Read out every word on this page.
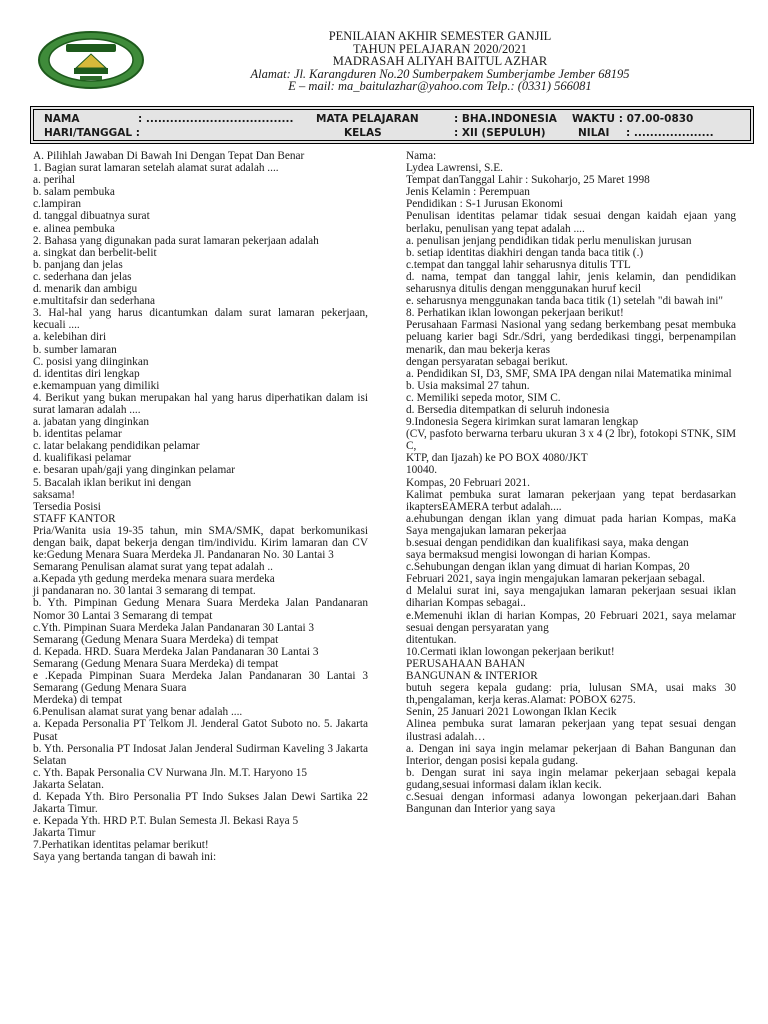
PENILAIAN AKHIR SEMESTER GANJIL
TAHUN PELAJARAN 2020/2021
MADRASAH ALIYAH BAITUL AZHAR
Alamat: Jl. Karangduren No.20 Sumberpakem Sumberjambe Jember 68195
E – mail: ma_baitulazhar@yahoo.com Telp.: (0331) 566081
NAMA	: ..................................... MATA PELAJARAN	: BHA.INDONESIA WAKTU : 07.00-0830
HARI/TANGGAL :	KELAS	: XII (SEPULUH)	NILAI : ....................
A. Pilihlah Jawaban Di Bawah Ini Dengan Tepat Dan Benar
1. Bagian surat lamaran setelah alamat surat adalah ....
a. perihal
b. salam pembuka
c.lampiran
d. tanggal dibuatnya surat
e. alinea pembuka
2. Bahasa yang digunakan pada surat lamaran pekerjaan adalah
a. singkat dan berbelit-belit
b. panjang dan jelas
c. sederhana dan jelas
d. menarik dan ambigu
e.multitafsir dan sederhana
3. Hal-hal yang harus dicantumkan dalam surat lamaran pekerjaan, kecuali ....
a. kelebihan diri
b. sumber lamaran
C. posisi yang diinginkan
d. identitas diri lengkap
e.kemampuan yang dimiliki
4. Berikut yang bukan merupakan hal yang harus diperhatikan dalam isi surat lamaran adalah ....
a. jabatan yang dinginkan
b. identitas pelamar
c. latar belakang pendidikan pelamar
d. kualifikasi pelamar
e. besaran upah/gaji yang dinginkan pelamar
5. Bacalah iklan berikut ini dengan
saksama!
Tersedia Posisi
STAFF KANTOR
Pria/Wanita usia 19-35 tahun, min SMA/SMK, dapat berkomunikasi dengan baik, dapat bekerja dengan tim/individu. Kirim lamaran dan CV ke:Gedung Menara Suara Merdeka Jl. Pandanaran No. 30 Lantai 3
Semarang Penulisan alamat surat yang tepat adalah ..
a.Kepada yth gedung merdeka menara suara merdeka
ji pandanaran no. 30 lantai 3 semarang di tempat.
b. Yth. Pimpinan Gedung Menara Suara Merdeka Jalan Pandanaran Nomor 30 Lantai 3 Semarang di tempat
c.Yth. Pimpinan Suara Merdeka Jalan Pandanaran 30 Lantai 3
Semarang (Gedung Menara Suara Merdeka) di tempat
d. Kepada. HRD. Suara Merdeka Jalan Pandanaran 30 Lantai 3
Semarang (Gedung Menara Suara Merdeka) di tempat
e .Kepada Pimpinan Suara Merdeka Jalan Pandanaran 30 Lantai 3 Semarang (Gedung Menara Suara
Merdeka) di tempat
6.Penulisan alamat surat yang benar adalah ....
a. Kepada Personalia PT Telkom Jl. Jenderal Gatot Suboto no. 5. Jakarta Pusat
b. Yth. Personalia PT Indosat Jalan Jenderal Sudirman Kaveling 3 Jakarta Selatan
c. Yth. Bapak Personalia CV Nurwana Jln. M.T. Haryono 15
Jakarta Selatan.
d. Kepada Yth. Biro Personalia PT Indo Sukses Jalan Dewi Sartika 22 Jakarta Timur.
e. Kepada Yth. HRD P.T. Bulan Semesta Jl. Bekasi Raya 5
Jakarta Timur
7.Perhatikan identitas pelamar berikut!
Saya yang bertanda tangan di bawah ini:
Nama:
Lydea Lawrensi, S.E.
Tempat danTanggal Lahir : Sukoharjo, 25 Maret 1998
Jenis Kelamin : Perempuan
Pendidikan : S-1 Jurusan Ekonomi
Penulisan identitas pelamar tidak sesuai dengan kaidah ejaan yang berlaku, penulisan yang tepat adalah ....
a. penulisan jenjang pendidikan tidak perlu menuliskan jurusan
b. setiap identitas diakhiri dengan tanda baca titik (.)
c.tempat dan tanggal lahir seharusnya ditulis TTL
d. nama, tempat dan tanggal lahir, jenis kelamin, dan pendidikan seharusnya ditulis dengan menggunakan huruf kecil
e. seharusnya menggunakan tanda baca titik (1) setelah "di bawah ini"
8. Perhatikan iklan lowongan pekerjaan berikut!
Perusahaan Farmasi Nasional yang sedang berkembang pesat membuka peluang karier bagi Sdr./Sdri, yang berdedikasi tinggi, berpenampilan menarik, dan mau bekerja keras
dengan persyaratan sebagai berikut.
a. Pendidikan SI, D3, SMF, SMA IPA dengan nilai Matematika minimal
b. Usia maksimal 27 tahun.
c. Memiliki sepeda motor, SIM C.
d. Bersedia ditempatkan di seluruh indonesia
9.Indonesia Segera kirimkan surat lamaran lengkap
(CV, pasfoto berwarna terbaru ukuran 3 x 4 (2 lbr), fotokopi STNK, SIM C,
KTP, dan Ijazah) ke PO BOX 4080/JKT
10040.
Kompas, 20 Februari 2021.
Kalimat pembuka surat lamaran pekerjaan yang tepat berdasarkan ikaptersEAMERA terbut adalah....
a.ehubungan dengan iklan yang dimuat pada harian Kompas, maKa Saya mengajukan lamaran pekerjaa
b.sesuai dengan pendidikan dan kualifikasi saya, maka dengan
saya bermaksud mengisi lowongan di harian Kompas.
c.Sehubungan dengan iklan yang dimuat di harian Kompas, 20
Februari 2021, saya ingin mengajukan lamaran pekerjaan sebagal.
d Melalui surat ini, saya mengajukan lamaran pekerjaan sesuai iklan diharian Kompas sebagai..
e.Memenuhi iklan di harian Kompas, 20 Februari 2021, saya melamar sesuai dengan persyaratan yang
ditentukan.
10.Cermati iklan lowongan pekerjaan berikut!
PERUSAHAAN BAHAN
BANGUNAN & INTERIOR
butuh segera kepala gudang: pria, lulusan SMA, usai maks 30 th,pengalaman, kerja keras.Alamat: POBOX 6275.
Senin, 25 Januari 2021 Lowongan Iklan Kecik
Alinea pembuka surat lamaran pekerjaan yang tepat sesuai dengan ilustrasi adalah…
a. Dengan ini saya ingin melamar pekerjaan di Bahan Bangunan dan Interior, dengan posisi kepala gudang.
b. Dengan surat ini saya ingin melamar pekerjaan sebagai kepala gudang,sesuai informasi dalam iklan kecik.
c.Sesuai dengan informasi adanya lowongan pekerjaan.dari Bahan Bangunan dan Interior yang saya
